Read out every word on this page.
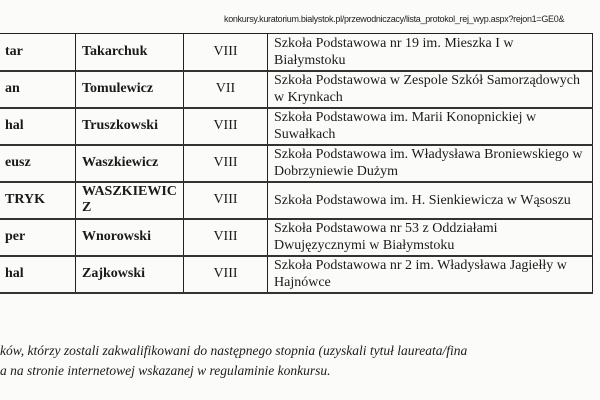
konkursy.kuratorium.bialystok.pl/przewodniczacy/lista_protokol_rej_wyp.aspx?rejon1=GE0&
tar	Takarchuk	VIII	Szkoła Podstawowa nr 19 im. Mieszka I w Białymstoku
an	Tomulewicz	VII	Szkoła Podstawowa w Zespole Szkół Samorządowych w Krynkach
hal	Truszkowski	VIII	Szkoła Podstawowa im. Marii Konopnickiej w Suwałkach
eusz	Waszkiewicz	VIII	Szkoła Podstawowa im. Władysława Broniewskiego w Dobrzyniewie Dużym
TRYK	WASZKIEWICZ	VIII	Szkoła Podstawowa im. H. Sienkiewicza w Wąsoszu
per	Wnorowski	VIII	Szkoła Podstawowa nr 53 z Oddziałami Dwujęzycznymi w Białymstoku
hal	Zajkowski	VIII	Szkoła Podstawowa nr 2 im. Władysława Jagiełły w Hajnówce
ków, którzy zostali zakwalifikowani do następnego stopnia (uzyskali tytuł laureata/fina
a na stronie internetowej wskazanej w regulaminie konkursu.
